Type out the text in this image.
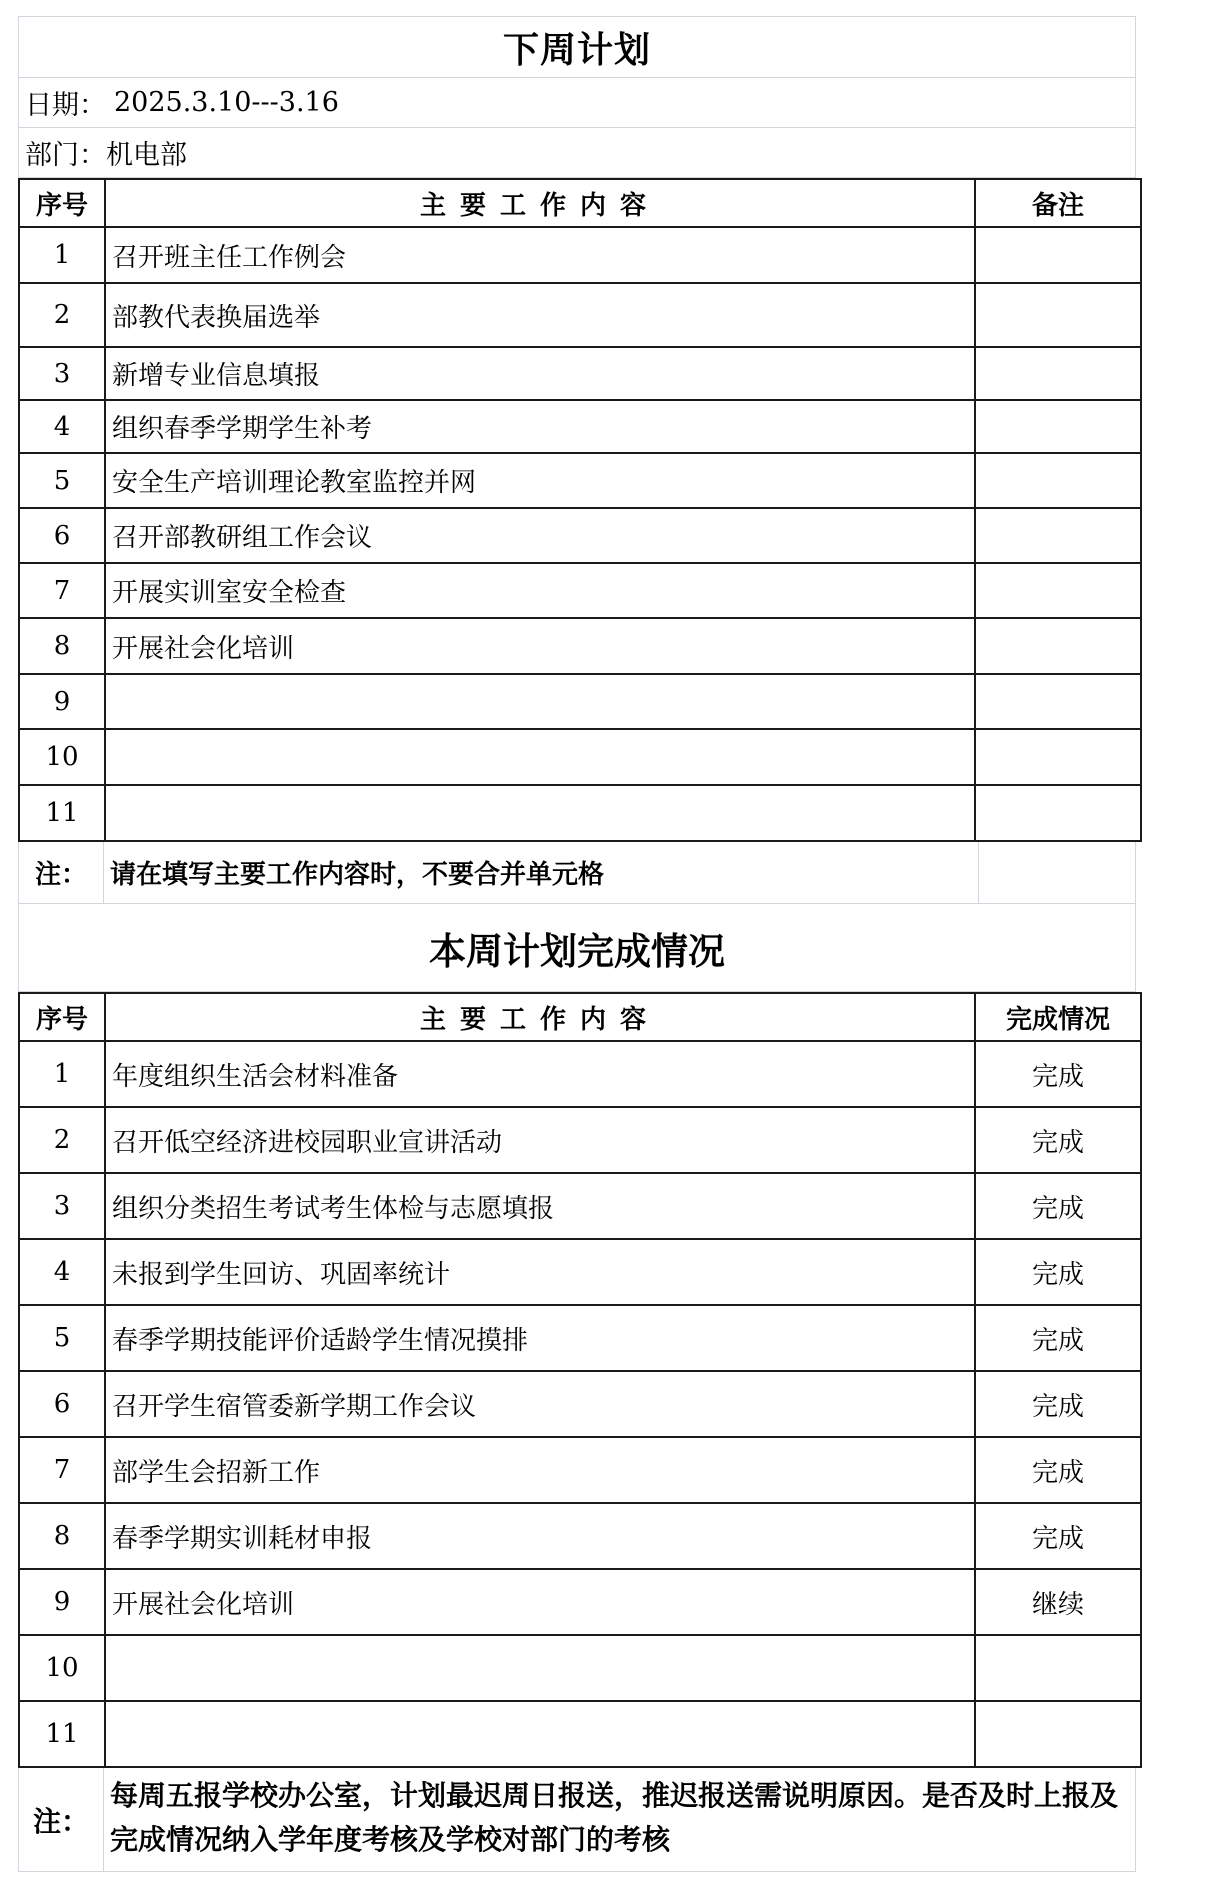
下周计划
日期： 2025.3.10---3.16
部门： 机电部
序号	主要工作内容	备注
1	召开班主任工作例会	
2	部教代表换届选举	
3	新增专业信息填报	
4	组织春季学期学生补考	
5	安全生产培训理论教室监控并网	
6	召开部教研组工作会议	
7	开展实训室安全检查	
8	开展社会化培训	
9		
10		
11		
注： 请在填写主要工作内容时，不要合并单元格
本周计划完成情况
序号	主要工作内容	完成情况
1	年度组织生活会材料准备	完成
2	召开低空经济进校园职业宣讲活动	完成
3	组织分类招生考试考生体检与志愿填报	完成
4	未报到学生回访、巩固率统计	完成
5	春季学期技能评价适龄学生情况摸排	完成
6	召开学生宿管委新学期工作会议	完成
7	部学生会招新工作	完成
8	春季学期实训耗材申报	完成
9	开展社会化培训	继续
10		
11		
注：
每周五报学校办公室，计划最迟周日报送，推迟报送需说明原因。是否及时上报及完成情况纳入学年度考核及学校对部门的考核
